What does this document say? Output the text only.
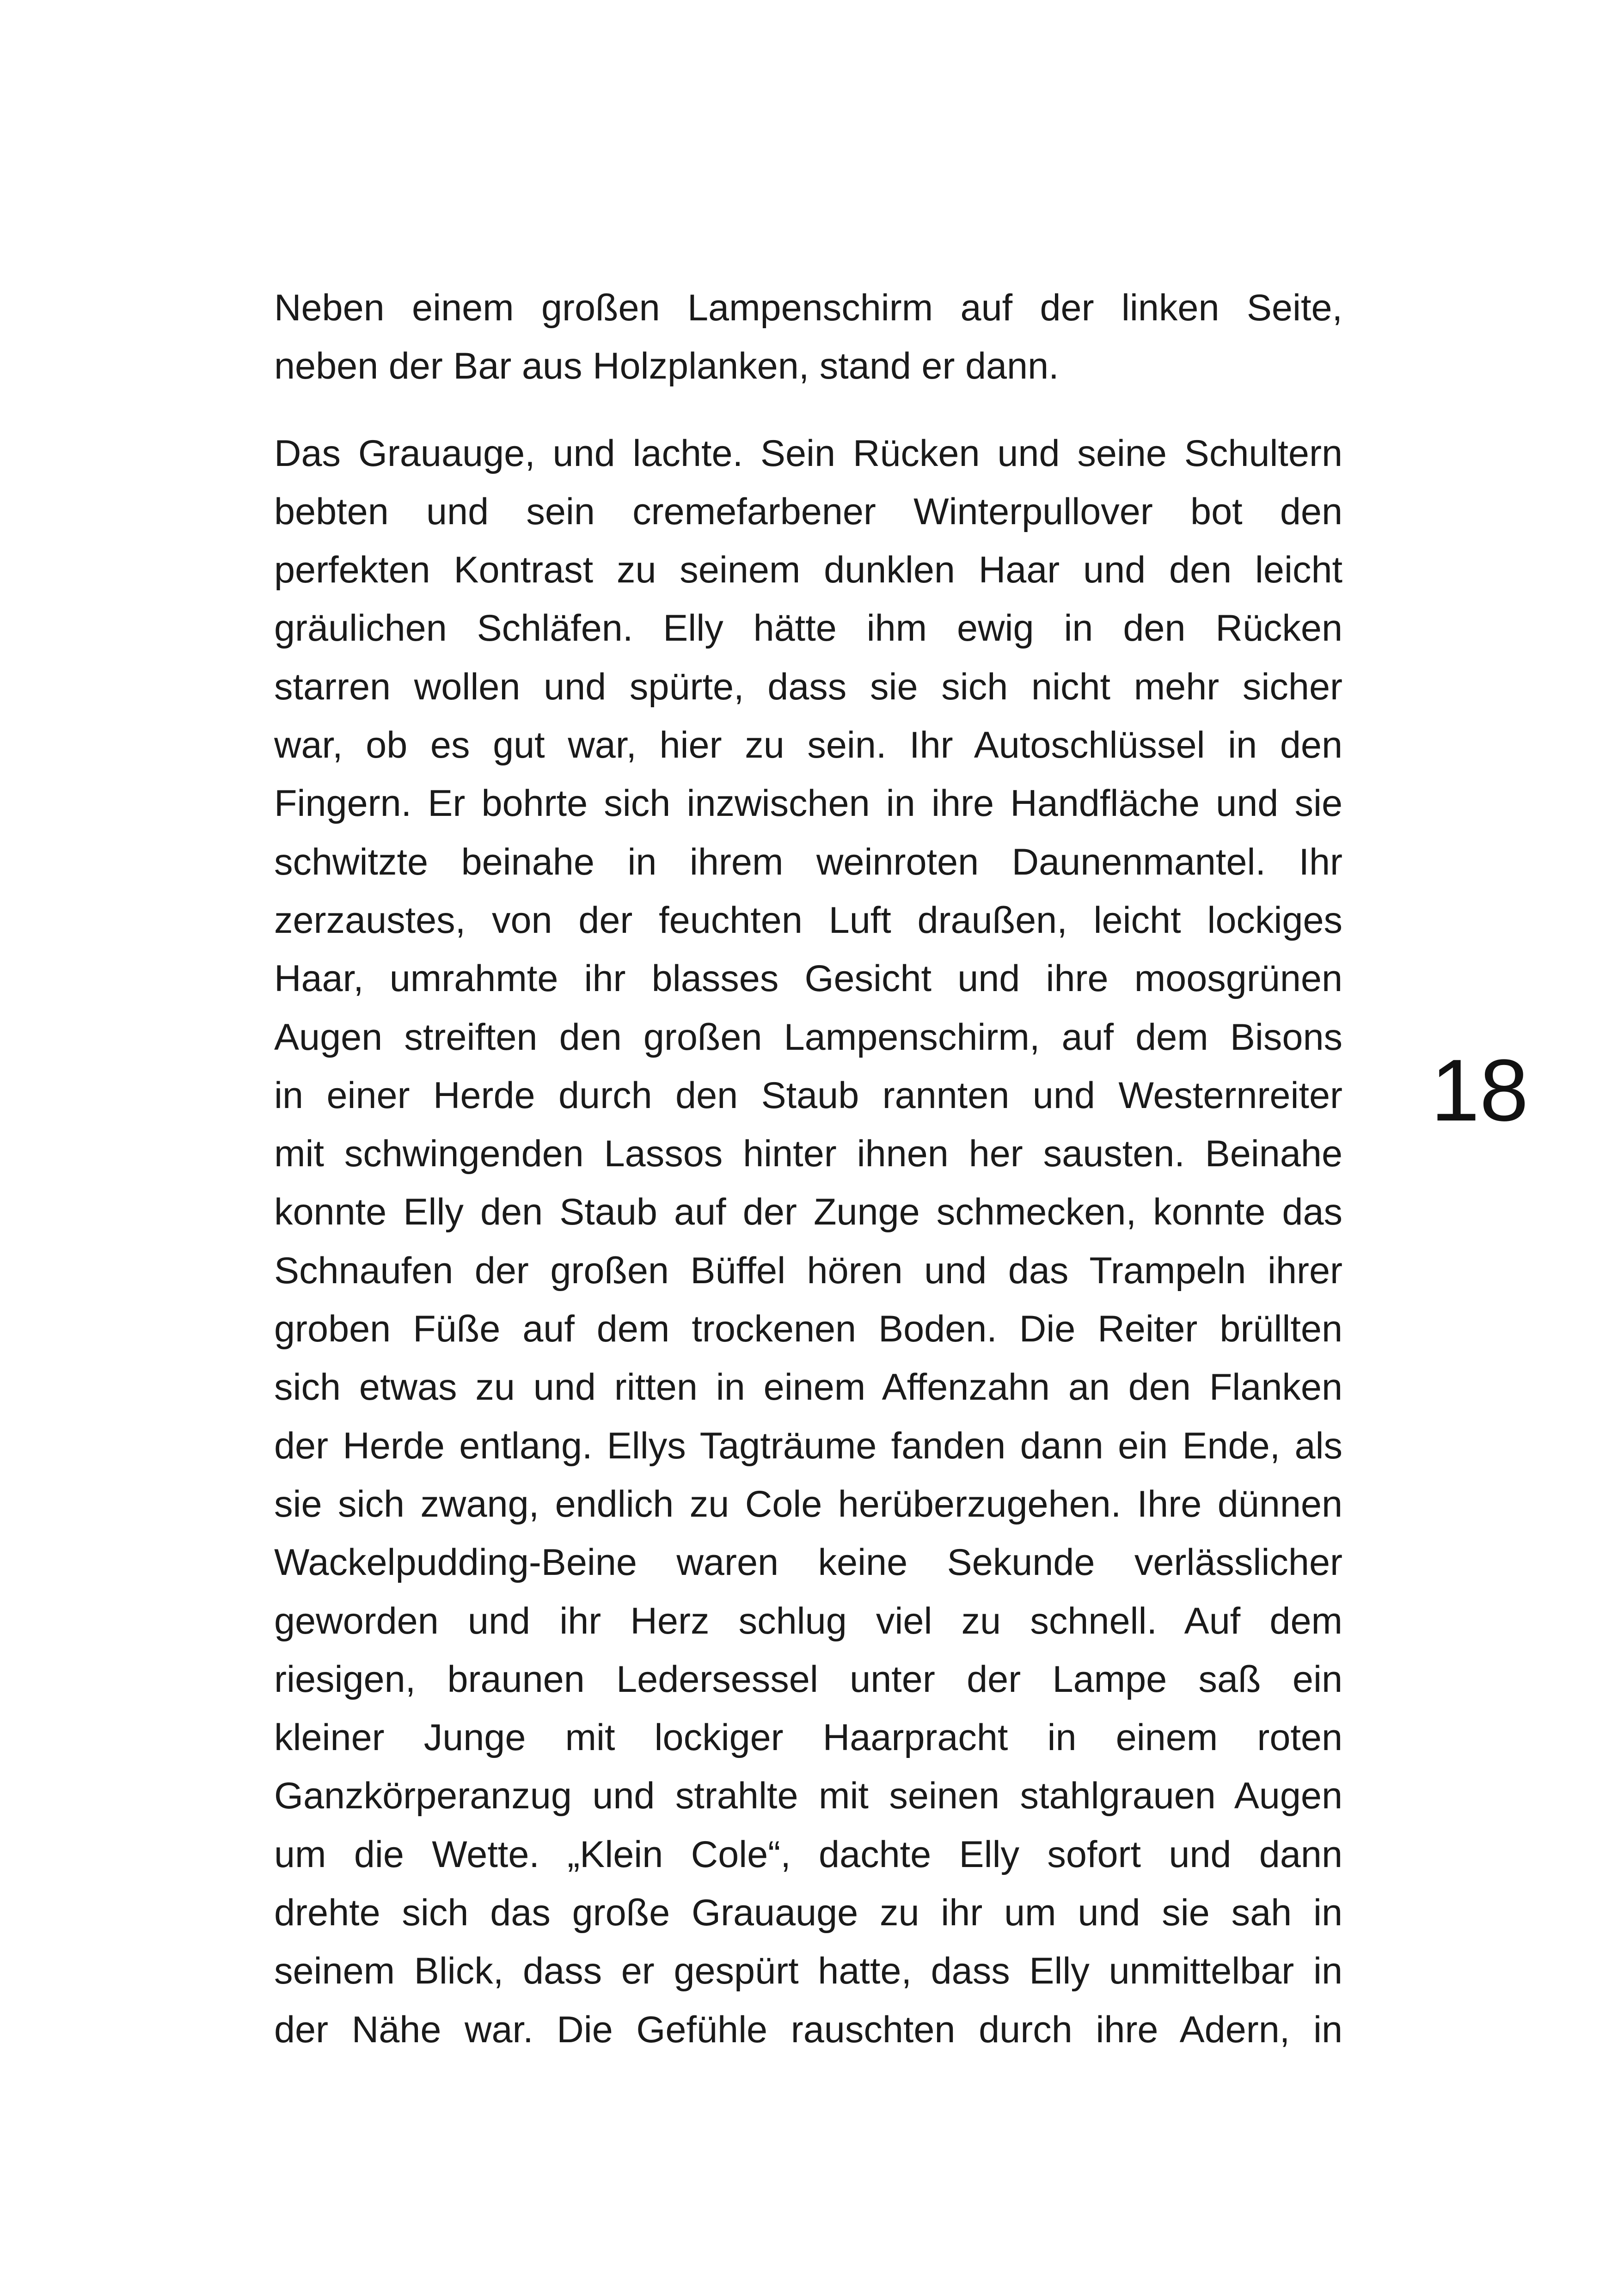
Neben einem großen Lampenschirm auf der linken Seite,
neben der Bar aus Holzplanken, stand er dann.
Das Grauauge, und lachte. Sein Rücken und seine Schultern
bebten und sein cremefarbener Winterpullover bot den
perfekten Kontrast zu seinem dunklen Haar und den leicht
gräulichen Schläfen. Elly hätte ihm ewig in den Rücken
starren wollen und spürte, dass sie sich nicht mehr sicher
war, ob es gut war, hier zu sein. Ihr Autoschlüssel in den
Fingern. Er bohrte sich inzwischen in ihre Handfläche und sie
schwitzte beinahe in ihrem weinroten Daunenmantel. Ihr
zerzaustes, von der feuchten Luft draußen, leicht lockiges
Haar, umrahmte ihr blasses Gesicht und ihre moosgrünen
Augen streiften den großen Lampenschirm, auf dem Bisons
in einer Herde durch den Staub rannten und Westernreiter
mit schwingenden Lassos hinter ihnen her sausten. Beinahe
konnte Elly den Staub auf der Zunge schmecken, konnte das
Schnaufen der großen Büffel hören und das Trampeln ihrer
groben Füße auf dem trockenen Boden. Die Reiter brüllten
sich etwas zu und ritten in einem Affenzahn an den Flanken
der Herde entlang. Ellys Tagträume fanden dann ein Ende, als
sie sich zwang, endlich zu Cole herüberzugehen. Ihre dünnen
Wackelpudding-Beine waren keine Sekunde verlässlicher
geworden und ihr Herz schlug viel zu schnell. Auf dem
riesigen, braunen Ledersessel unter der Lampe saß ein
kleiner Junge mit lockiger Haarpracht in einem roten
Ganzkörperanzug und strahlte mit seinen stahlgrauen Augen
um die Wette. „Klein Cole“, dachte Elly sofort und dann
drehte sich das große Grauauge zu ihr um und sie sah in
seinem Blick, dass er gespürt hatte, dass Elly unmittelbar in
der Nähe war. Die Gefühle rauschten durch ihre Adern, in
18
